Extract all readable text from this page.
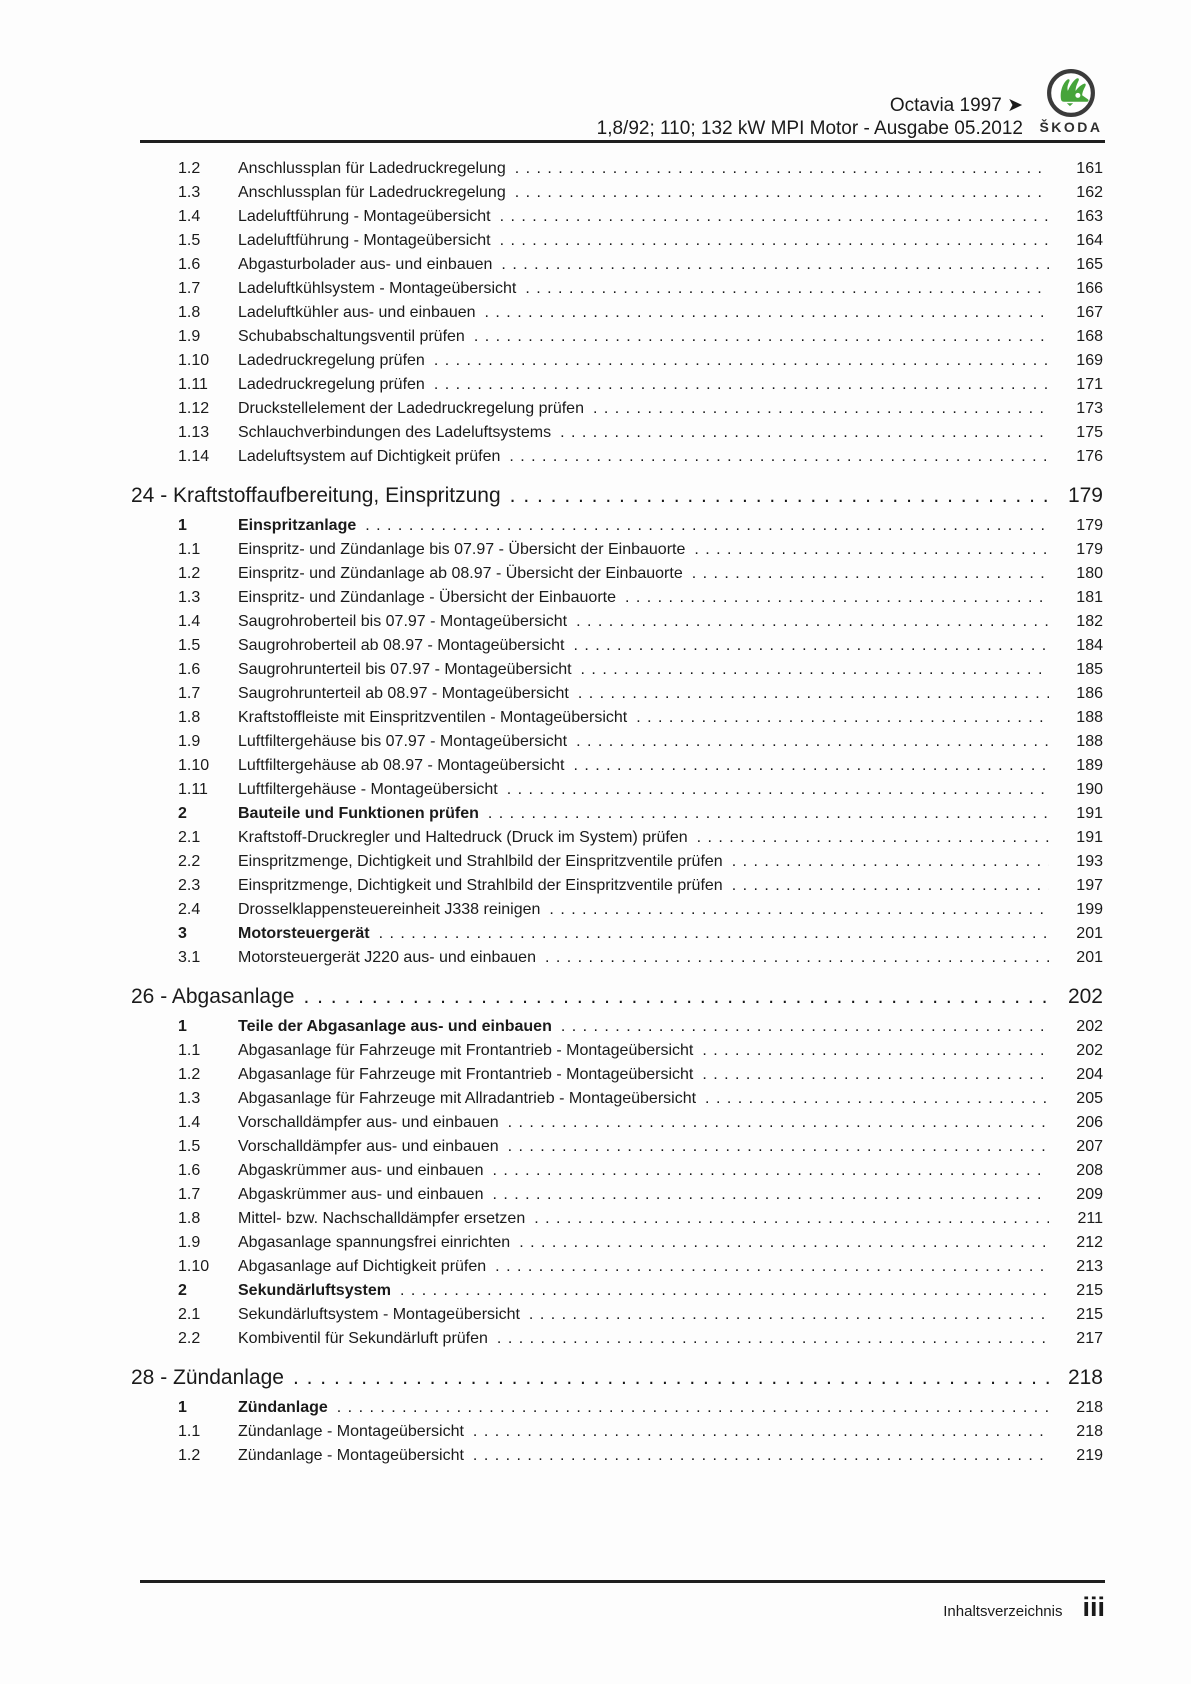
Octavia 1997 ➤
1,8/92; 110; 132 kW MPI Motor - Ausgabe 05.2012 ŠKODA
1.2	Anschlussplan für Ladedruckregelung . . .	161
1.3	Anschlussplan für Ladedruckregelung . . .	162
1.4	Ladeluftführung - Montageübersicht . . .	163
1.5	Ladeluftführung - Montageübersicht . . .	164
1.6	Abgasturbolader aus- und einbauen . . .	165
1.7	Ladeluftkühlsystem - Montageübersicht . . .	166
1.8	Ladeluftkühler aus- und einbauen . . .	167
1.9	Schubabschaltungsventil prüfen . . .	168
1.10	Ladedruckregelung prüfen . . .	169
1.11	Ladedruckregelung prüfen . . .	171
1.12	Druckstellelement der Ladedruckregelung prüfen . . .	173
1.13	Schlauchverbindungen des Ladeluftsystems . . .	175
1.14	Ladeluftsystem auf Dichtigkeit prüfen . . .	176
24 - Kraftstoffaufbereitung, Einspritzung . . .	179
1	Einspritzanlage . . .	179
1.1	Einspritz- und Zündanlage bis 07.97 - Übersicht der Einbauorte . . .	179
1.2	Einspritz- und Zündanlage ab 08.97 - Übersicht der Einbauorte . . .	180
1.3	Einspritz- und Zündanlage - Übersicht der Einbauorte . . .	181
1.4	Saugrohroberteil bis 07.97 - Montageübersicht . . .	182
1.5	Saugrohroberteil ab 08.97 - Montageübersicht . . .	184
1.6	Saugrohrunterteil bis 07.97 - Montageübersicht . . .	185
1.7	Saugrohrunterteil ab 08.97 - Montageübersicht . . .	186
1.8	Kraftstoffleiste mit Einspritzventilen - Montageübersicht . . .	188
1.9	Luftfiltergehäuse bis 07.97 - Montageübersicht . . .	188
1.10	Luftfiltergehäuse ab 08.97 - Montageübersicht . . .	189
1.11	Luftfiltergehäuse - Montageübersicht . . .	190
2	Bauteile und Funktionen prüfen . . .	191
2.1	Kraftstoff-Druckregler und Haltedruck (Druck im System) prüfen . . .	191
2.2	Einspritzmenge, Dichtigkeit und Strahlbild der Einspritzventile prüfen . . .	193
2.3	Einspritzmenge, Dichtigkeit und Strahlbild der Einspritzventile prüfen . . .	197
2.4	Drosselklappensteuereinheit J338 reinigen . . .	199
3	Motorsteuergerät . . .	201
3.1	Motorsteuergerät J220 aus- und einbauen . . .	201
26 - Abgasanlage . . .	202
1	Teile der Abgasanlage aus- und einbauen . . .	202
1.1	Abgasanlage für Fahrzeuge mit Frontantrieb - Montageübersicht . . .	202
1.2	Abgasanlage für Fahrzeuge mit Frontantrieb - Montageübersicht . . .	204
1.3	Abgasanlage für Fahrzeuge mit Allradantrieb - Montageübersicht . . .	205
1.4	Vorschalldämpfer aus- und einbauen . . .	206
1.5	Vorschalldämpfer aus- und einbauen . . .	207
1.6	Abgaskrümmer aus- und einbauen . . .	208
1.7	Abgaskrümmer aus- und einbauen . . .	209
1.8	Mittel- bzw. Nachschalldämpfer ersetzen . . .	211
1.9	Abgasanlage spannungsfrei einrichten . . .	212
1.10	Abgasanlage auf Dichtigkeit prüfen . . .	213
2	Sekundärluftsystem . . .	215
2.1	Sekundärluftsystem - Montageübersicht . . .	215
2.2	Kombiventil für Sekundärluft prüfen . . .	217
28 - Zündanlage . . .	218
1	Zündanlage . . .	218
1.1	Zündanlage - Montageübersicht . . .	218
1.2	Zündanlage - Montageübersicht . . .	219
Inhaltsverzeichnis iii
